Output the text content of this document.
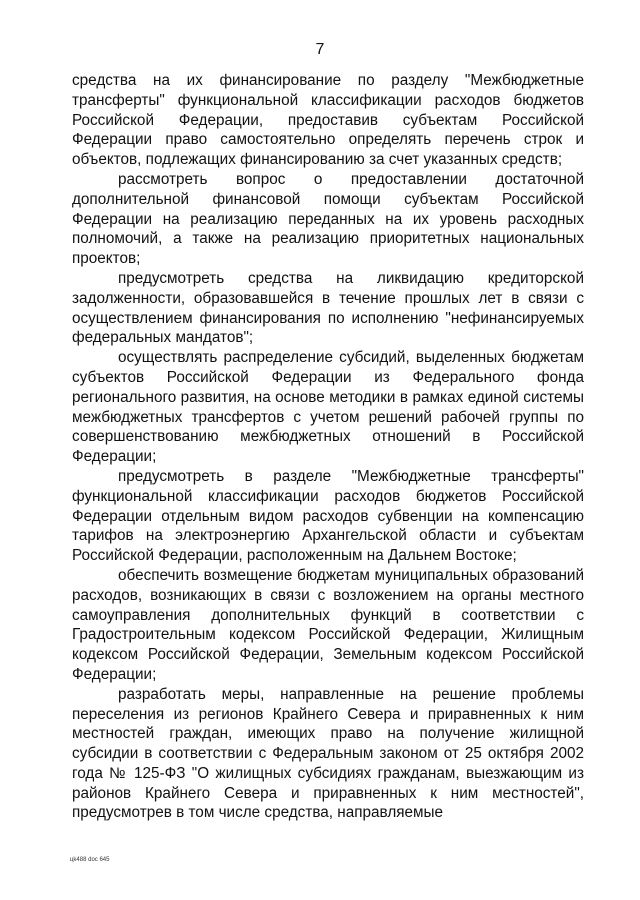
7

средства на их финансирование по разделу "Межбюджетные трансферты" функциональной классификации расходов бюджетов Российской Федерации, предоставив субъектам Российской Федерации право самостоятельно определять перечень строк и объектов, подлежащих финансированию за счет указанных средств;

рассмотреть вопрос о предоставлении достаточной дополнительной финансовой помощи субъектам Российской Федерации на реализацию переданных на их уровень расходных полномочий, а также на реализацию приоритетных национальных проектов;

предусмотреть средства на ликвидацию кредиторской задолженности, образовавшейся в течение прошлых лет в связи с осуществлением финансирования по исполнению "нефинансируемых федеральных мандатов";

осуществлять распределение субсидий, выделенных бюджетам субъектов Российской Федерации из Федерального фонда регионального развития, на основе методики в рамках единой системы межбюджетных трансфертов с учетом решений рабочей группы по совершенствованию межбюджетных отношений в Российской Федерации;

предусмотреть в разделе "Межбюджетные трансферты" функциональной классификации расходов бюджетов Российской Федерации отдельным видом расходов субвенции на компенсацию тарифов на электроэнергию Архангельской области и субъектам Российской Федерации, расположенным на Дальнем Востоке;

обеспечить возмещение бюджетам муниципальных образований расходов, возникающих в связи с возложением на органы местного самоуправления дополнительных функций в соответствии с Градостроительным кодексом Российской Федерации, Жилищным кодексом Российской Федерации, Земельным кодексом Российской Федерации;

разработать меры, направленные на решение проблемы переселения из регионов Крайнего Севера и приравненных к ним местностей граждан, имеющих право на получение жилищной субсидии в соответствии с Федеральным законом от 25 октября 2002 года № 125-ФЗ "О жилищных субсидиях гражданам, выезжающим из районов Крайнего Севера и приравненных к ним местностей", предусмотрев в том числе средства, направляемые

цk488 doc 645
